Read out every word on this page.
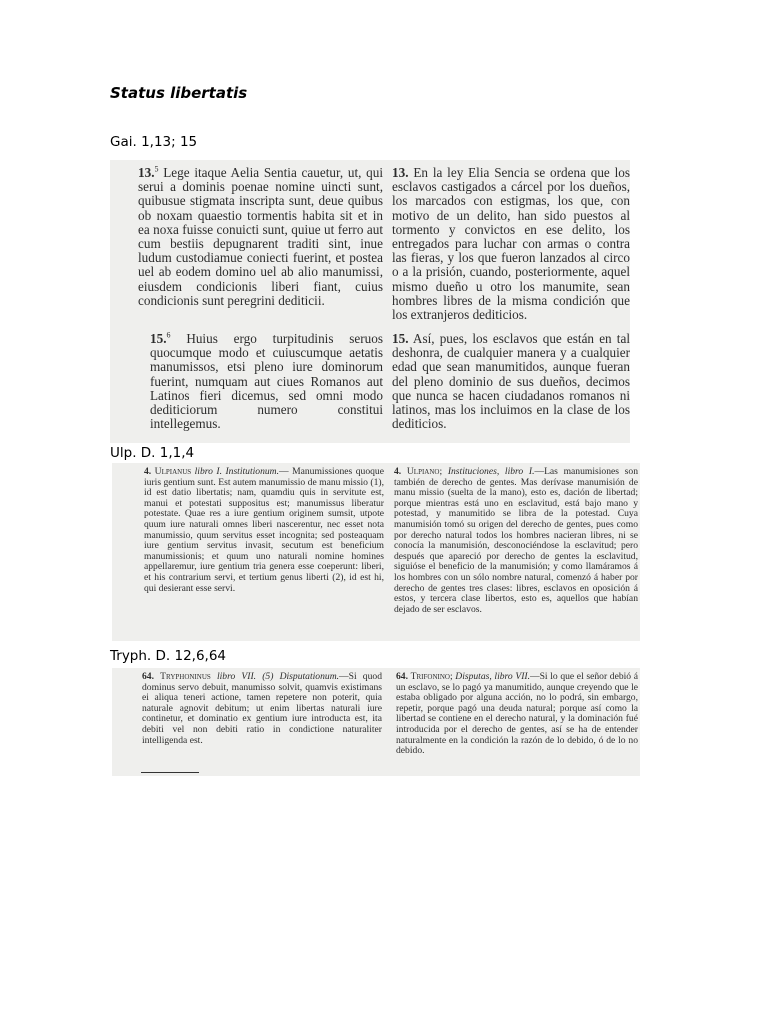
Status libertatis

Gai. 1,13; 15

13.$^5$ Lege itaque Aelia Sentia cauetur, ut, qui serui a dominis poenae nomine uincti sunt, quibusue stigmata inscripta sunt, deue quibus ob noxam quaestio tormentis habita sit et in ea noxa fuisse conuicti sunt, quiue ut ferro aut cum bestiis depugnarent traditi sint, inue ludum custodiamue coniecti fuerint, et postea uel ab eodem domino uel ab alio manumissi, eiusdem condicionis liberi fiant, cuius condicionis sunt peregrini dediticii.

13. En la ley Elia Sencia se ordena que los esclavos castigados a cárcel por los dueños, los marcados con estigmas, los que, con motivo de un delito, han sido puestos al tormento y convictos en ese delito, los entregados para luchar con armas o contra las fieras, y los que fueron lanzados al circo o a la prisión, cuando, posteriormente, aquel mismo dueño u otro los manumite, sean hombres libres de la misma condición que los extranjeros dediticios.

15.$^6$ Huius ergo turpitudinis seruos quocumque modo et cuiuscumque aetatis manumissos, etsi pleno iure dominorum fuerint, numquam aut ciues Romanos aut Latinos fieri dicemus, sed omni modo dediticiorum numero constitui intellegemus.

15. Así, pues, los esclavos que están en tal deshonra, de cualquier manera y a cualquier edad que sean manumitidos, aunque fueran del pleno dominio de sus dueños, decimos que nunca se hacen ciudadanos romanos ni latinos, mas los incluimos en la clase de los dediticios.

Ulp. D. 1,1,4

4. Ulpianus libro I. Institutionum.— Manumissiones quoque iuris gentium sunt. Est autem manumissio de manu missio (1), id est datio libertatis; nam, quamdiu quis in servitute est, manui et potestati suppositus est; manumissus liberatur potestate. Quae res a iure gentium originem sumsit, utpote quum iure naturali omnes liberi nascerentur, nec esset nota manumissio, quum servitus esset incognita; sed posteaquam iure gentium servitus invasit, secutum est beneficium manumissionis; et quum uno naturali nomine homines appellaremur, iure gentium tria genera esse coeperunt: liberi, et his contrarium servi, et tertium genus liberti (2), id est hi, qui desierant esse servi.

4. Ulpiano; Instituciones, libro I.—Las manumisiones son también de derecho de gentes. Mas derívase manumisión de manu missio (suelta de la mano), esto es, dación de libertad; porque mientras está uno en esclavitud, está bajo mano y potestad, y manumitido se libra de la potestad. Cuya manumisión tomó su origen del derecho de gentes, pues como por derecho natural todos los hombres nacieran libres, ni se conocía la manumisión, desconociéndose la esclavitud; pero después que apareció por derecho de gentes la esclavitud, siguióse el beneficio de la manumisión; y como llamáramos á los hombres con un sólo nombre natural, comenzó á haber por derecho de gentes tres clases: libres, esclavos en oposición á estos, y tercera clase libertos, esto es, aquellos que habían dejado de ser esclavos.

Tryph. D. 12,6,64

64. Tryphoninus libro VII. (5) Disputationum.—Si quod dominus servo debuit, manumisso solvit, quamvis existimans ei aliqua teneri actione, tamen repetere non poterit, quia naturale agnovit debitum; ut enim libertas naturali iure continetur, et dominatio ex gentium iure introducta est, ita debiti vel non debiti ratio in condictione naturaliter intelligenda est.

64. Trifonino; Disputas, libro VII.—Si lo que el señor debió á un esclavo, se lo pagó ya manumitido, aunque creyendo que le estaba obligado por alguna acción, no lo podrá, sin embargo, repetir, porque pagó una deuda natural; porque así como la libertad se contiene en el derecho natural, y la dominación fué introducida por el derecho de gentes, así se ha de entender naturalmente en la condición la razón de lo debido, ó de lo no debido.
